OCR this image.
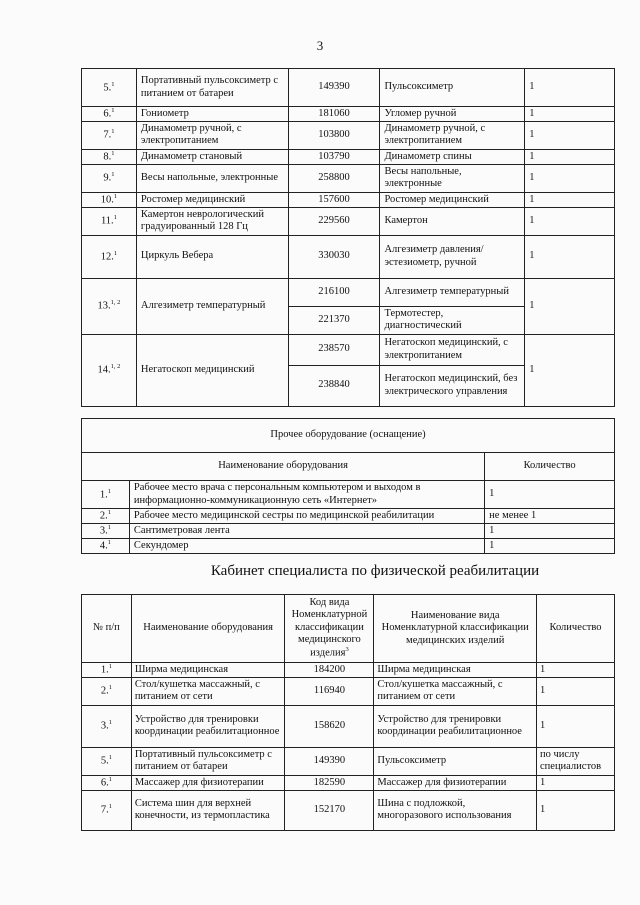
3
5.$^1$	Портативный пульсоксиметр с питанием от батареи	149390	Пульсоксиметр	1
6.$^1$	Гониометр	181060	Угломер ручной	1
7.$^1$	Динамометр ручной, с электропитанием	103800	Динамометр ручной, с электропитанием	1
8.$^1$	Динамометр становый	103790	Динамометр спины	1
9.$^1$	Весы напольные, электронные	258800	Весы напольные, электронные	1
10.$^1$	Ростомер медицинский	157600	Ростомер медицинский	1
11.$^1$	Камертон неврологический градуированный 128 Гц	229560	Камертон	1
12.$^1$	Циркуль Вебера	330030	Алгезиметр давления/эстезиометр, ручной	1
13.$^{1, 2}$	Алгезиметр температурный	216100	Алгезиметр температурный	1
		221370	Термотестер, диагностический	
14.$^{1, 2}$	Негатоскоп медицинский	238570	Негатоскоп медицинский, с электропитанием	1
		238840	Негатоскоп медицинский, без электрического управления	
Прочее оборудование (оснащение)		
Наименование оборудования		Количество
1.$^1$	Рабочее место врача с персональным компьютером и выходом в информационно-коммуникационную сеть «Интернет»	1
2.$^1$	Рабочее место медицинской сестры по медицинской реабилитации	не менее 1
3.$^1$	Сантиметровая лента	1
4.$^1$	Секундомер	1
Кабинет специалиста по физической реабилитации
№ п/п	Наименование оборудования	Код вида Номенклатурной классификации медицинского изделия$^3$	Наименование вида Номенклатурной классификации медицинских изделий	Количество
1.$^1$	Ширма медицинская	184200	Ширма медицинская	1
2.$^1$	Стол/кушетка массажный, с питанием от сети	116940	Стол/кушетка массажный, с питанием от сети	1
3.$^1$	Устройство для тренировки координации реабилитационное	158620	Устройство для тренировки координации реабилитационное	1
5.$^1$	Портативный пульсоксиметр с питанием от батареи	149390	Пульсоксиметр	по числу специалистов
6.$^1$	Массажер для физиотерапии	182590	Массажер для физиотерапии	1
7.$^1$	Система шин для верхней конечности, из термопластика	152170	Шина с подложкой, многоразового использования	1
